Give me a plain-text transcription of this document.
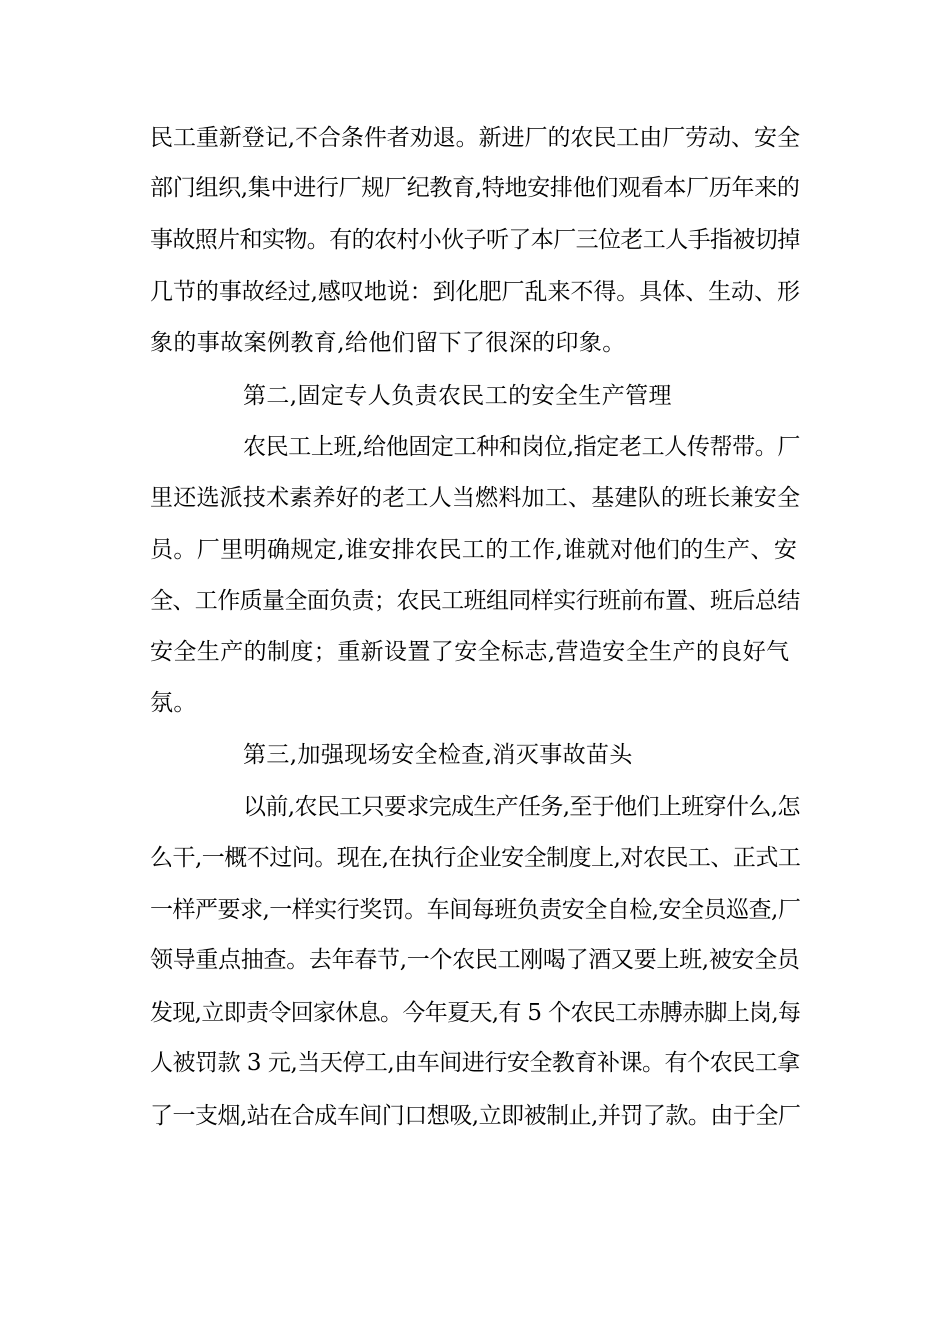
民工重新登记,不合条件者劝退。新进厂的农民工由厂劳动、安全
部门组织,集中进行厂规厂纪教育,特地安排他们观看本厂历年来的
事故照片和实物。有的农村小伙子听了本厂三位老工人手指被切掉
几节的事故经过,感叹地说：到化肥厂乱来不得。具体、生动、形
象的事故案例教育,给他们留下了很深的印象。
第二,固定专人负责农民工的安全生产管理
农民工上班,给他固定工种和岗位,指定老工人传帮带。厂
里还选派技术素养好的老工人当燃料加工、基建队的班长兼安全
员。厂里明确规定,谁安排农民工的工作,谁就对他们的生产、安
全、工作质量全面负责；农民工班组同样实行班前布置、班后总结
安全生产的制度；重新设置了安全标志,营造安全生产的良好气
氛。
第三,加强现场安全检查,消灭事故苗头
以前,农民工只要求完成生产任务,至于他们上班穿什么,怎
么干,一概不过问。现在,在执行企业安全制度上,对农民工、正式工
一样严要求,一样实行奖罚。车间每班负责安全自检,安全员巡查,厂
领导重点抽查。去年春节,一个农民工刚喝了酒又要上班,被安全员
发现,立即责令回家休息。今年夏天,有 5 个农民工赤膊赤脚上岗,每
人被罚款 3 元,当天停工,由车间进行安全教育补课。有个农民工拿
了一支烟,站在合成车间门口想吸,立即被制止,并罚了款。由于全厂
